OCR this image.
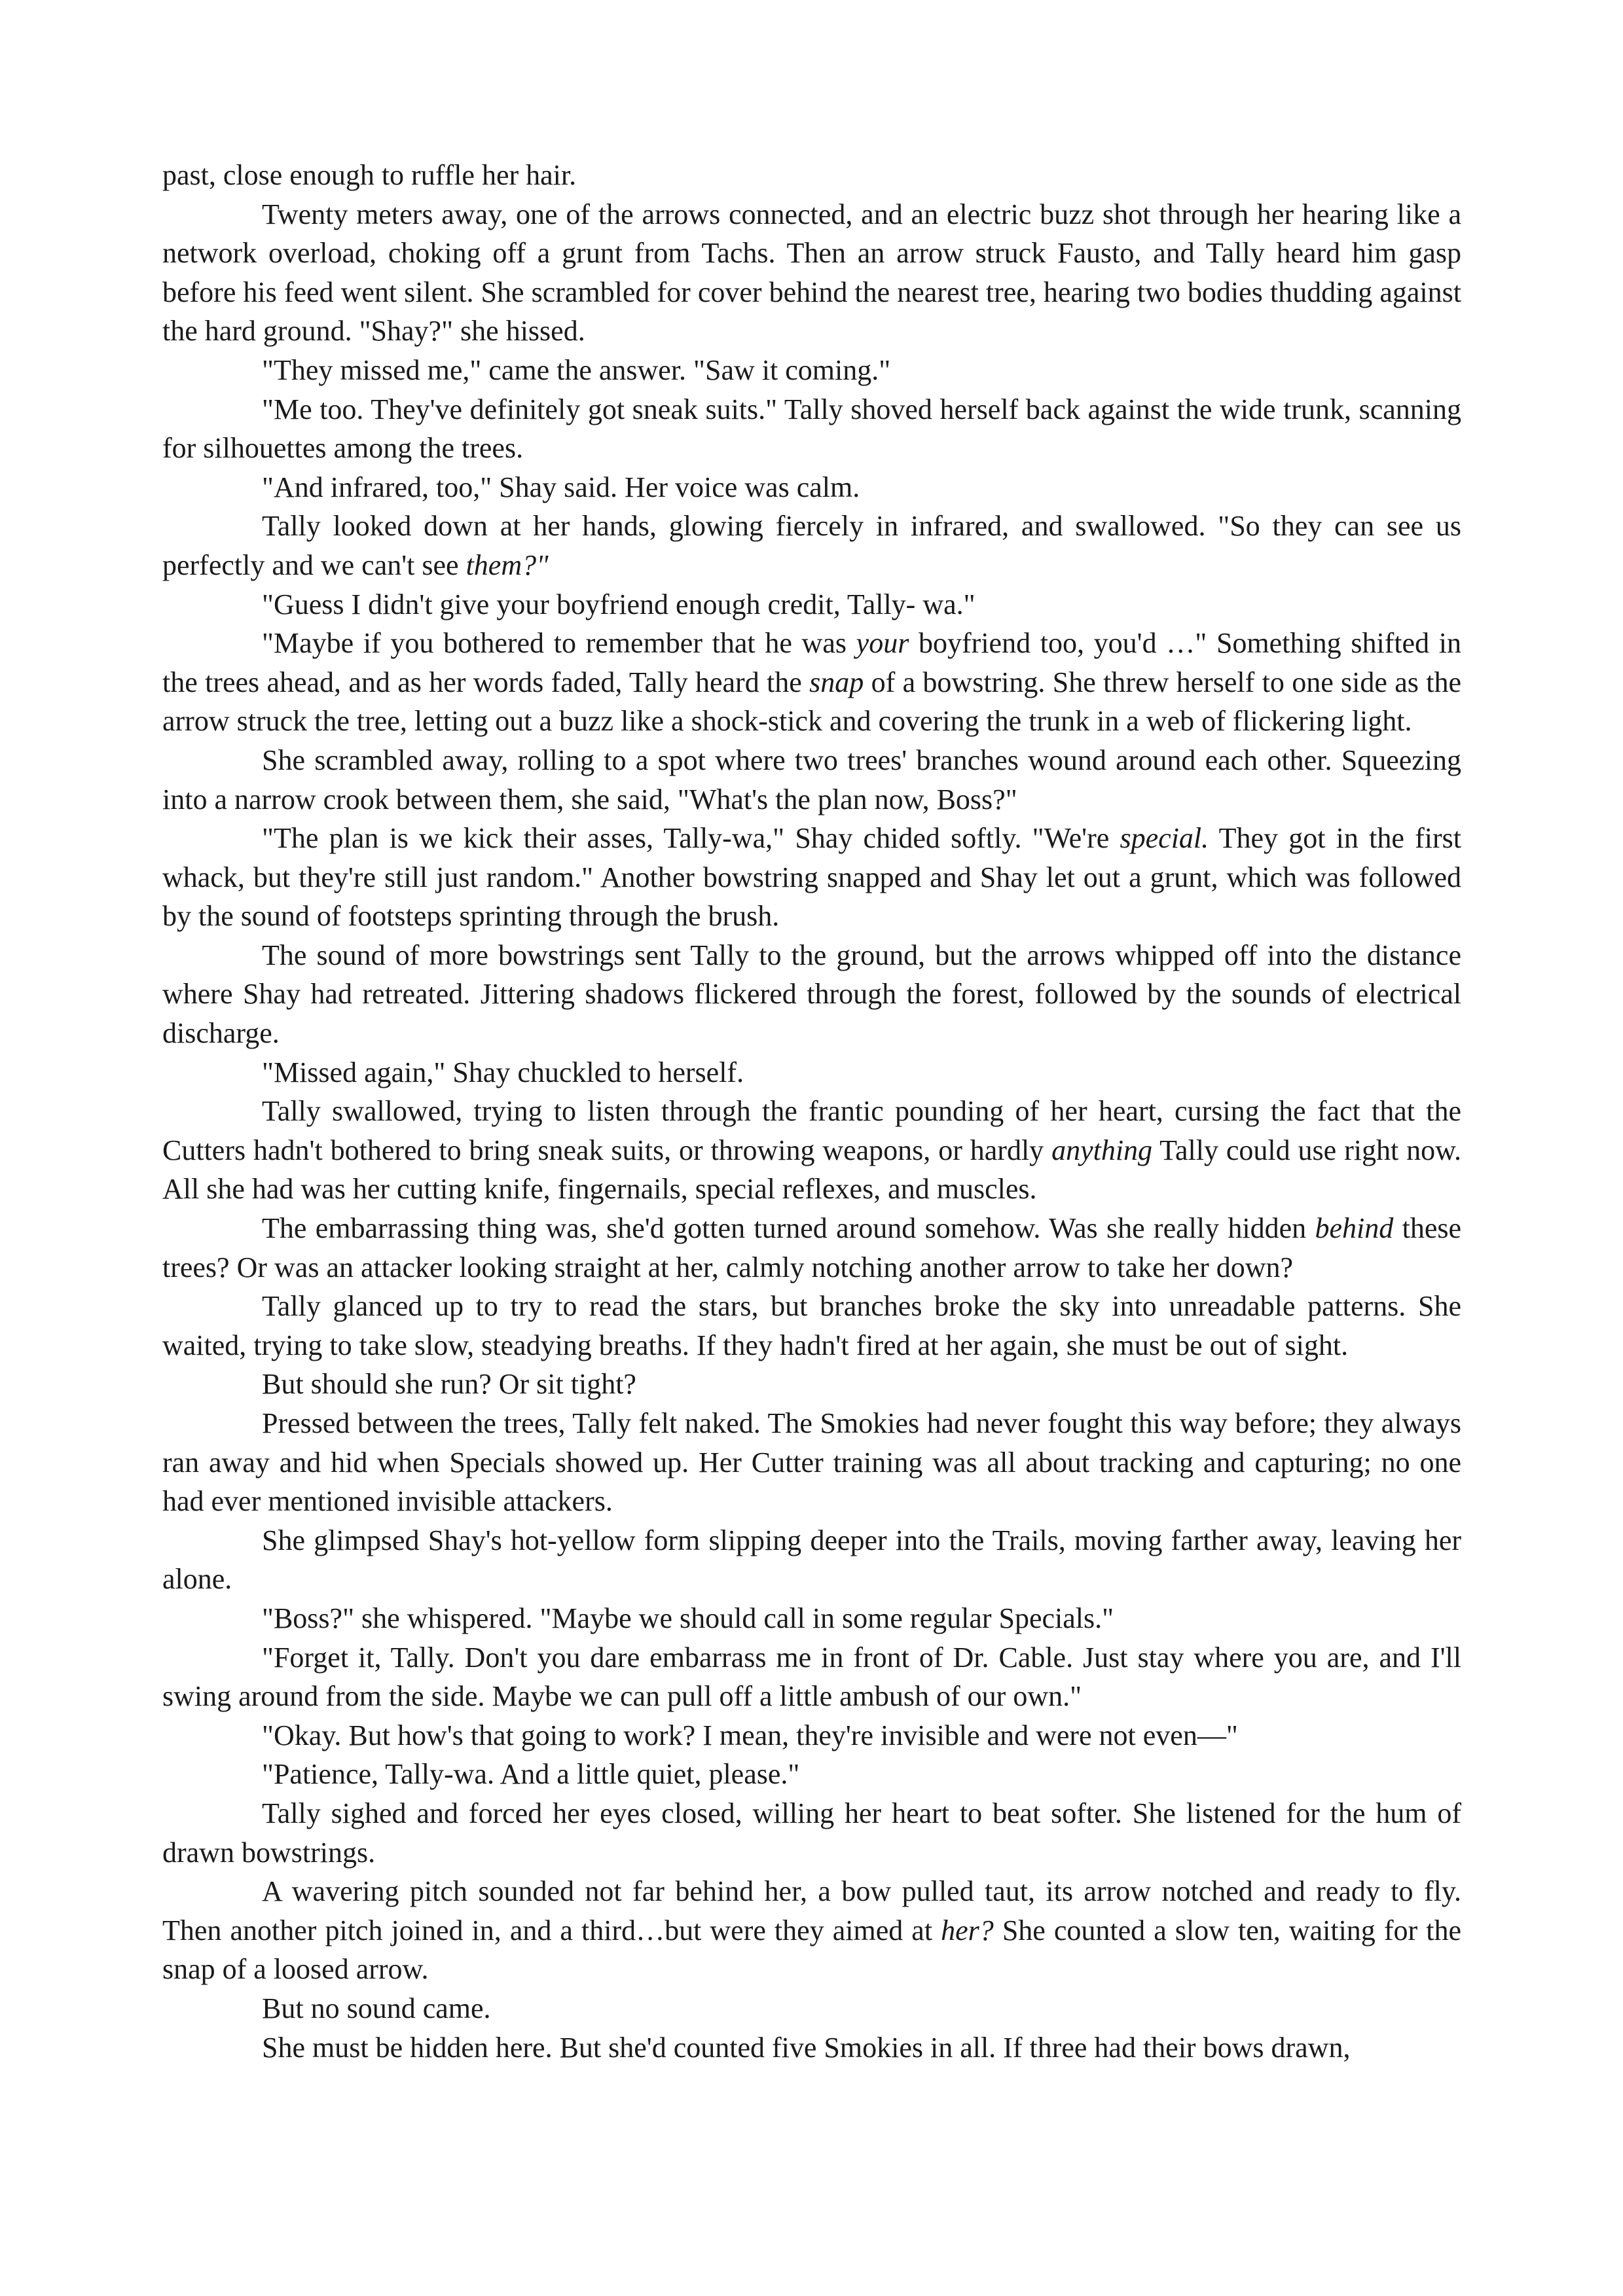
past, close enough to ruffle her hair.

Twenty meters away, one of the arrows connected, and an electric buzz shot through her hearing like a network overload, choking off a grunt from Tachs. Then an arrow struck Fausto, and Tally heard him gasp before his feed went silent. She scrambled for cover behind the nearest tree, hearing two bodies thudding against the hard ground. "Shay?" she hissed.

"They missed me," came the answer. "Saw it coming."

"Me too. They've definitely got sneak suits." Tally shoved herself back against the wide trunk, scanning for silhouettes among the trees.

"And infrared, too," Shay said. Her voice was calm.

Tally looked down at her hands, glowing fiercely in infrared, and swallowed. "So they can see us perfectly and we can't see them?"

"Guess I didn't give your boyfriend enough credit, Tally- wa."

"Maybe if you bothered to remember that he was your boyfriend too, you'd …" Something shifted in the trees ahead, and as her words faded, Tally heard the snap of a bowstring. She threw herself to one side as the arrow struck the tree, letting out a buzz like a shock-stick and covering the trunk in a web of flickering light.

She scrambled away, rolling to a spot where two trees' branches wound around each other. Squeezing into a narrow crook between them, she said, "What's the plan now, Boss?"

"The plan is we kick their asses, Tally-wa," Shay chided softly. "We're special. They got in the first whack, but they're still just random." Another bowstring snapped and Shay let out a grunt, which was followed by the sound of footsteps sprinting through the brush.

The sound of more bowstrings sent Tally to the ground, but the arrows whipped off into the distance where Shay had retreated. Jittering shadows flickered through the forest, followed by the sounds of electrical discharge.

"Missed again," Shay chuckled to herself.

Tally swallowed, trying to listen through the frantic pounding of her heart, cursing the fact that the Cutters hadn't bothered to bring sneak suits, or throwing weapons, or hardly anything Tally could use right now. All she had was her cutting knife, fingernails, special reflexes, and muscles.

The embarrassing thing was, she'd gotten turned around somehow. Was she really hidden behind these trees? Or was an attacker looking straight at her, calmly notching another arrow to take her down?

Tally glanced up to try to read the stars, but branches broke the sky into unreadable patterns. She waited, trying to take slow, steadying breaths. If they hadn't fired at her again, she must be out of sight.

But should she run? Or sit tight?

Pressed between the trees, Tally felt naked. The Smokies had never fought this way before; they always ran away and hid when Specials showed up. Her Cutter training was all about tracking and capturing; no one had ever mentioned invisible attackers.

She glimpsed Shay's hot-yellow form slipping deeper into the Trails, moving farther away, leaving her alone.

"Boss?" she whispered. "Maybe we should call in some regular Specials."

"Forget it, Tally. Don't you dare embarrass me in front of Dr. Cable. Just stay where you are, and I'll swing around from the side. Maybe we can pull off a little ambush of our own."

"Okay. But how's that going to work? I mean, they're invisible and were not even—"

"Patience, Tally-wa. And a little quiet, please."

Tally sighed and forced her eyes closed, willing her heart to beat softer. She listened for the hum of drawn bowstrings.

A wavering pitch sounded not far behind her, a bow pulled taut, its arrow notched and ready to fly. Then another pitch joined in, and a third…but were they aimed at her? She counted a slow ten, waiting for the snap of a loosed arrow.

But no sound came.

She must be hidden here. But she'd counted five Smokies in all. If three had their bows drawn,
